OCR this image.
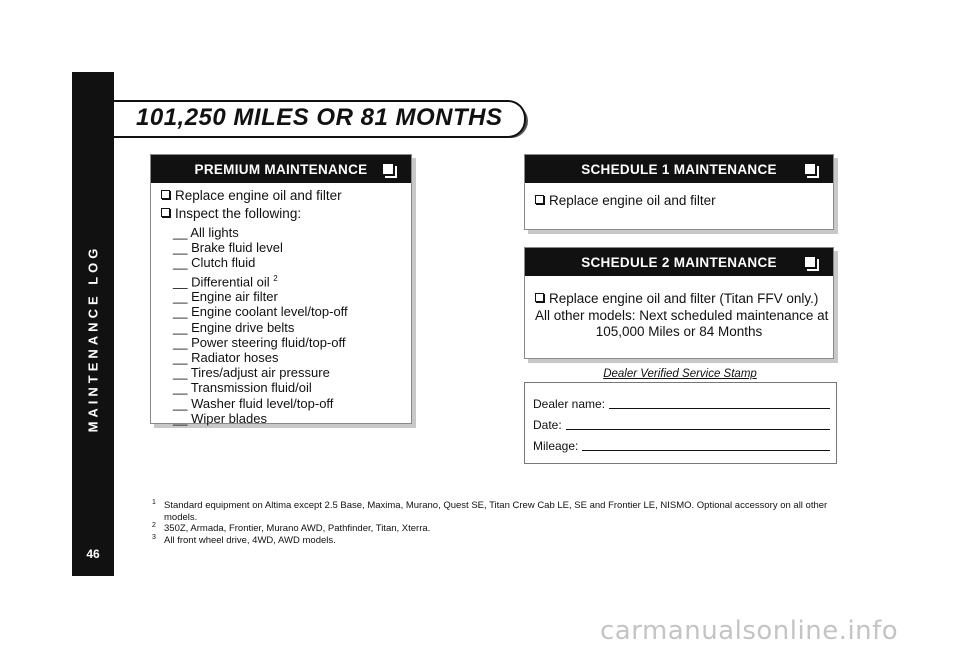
MAINTENANCE LOG
46
101,250 MILES OR 81 MONTHS
PREMIUM MAINTENANCE
Replace engine oil and filter
Inspect the following:
__ All lights
__ Brake fluid level
__ Clutch fluid
__ Differential oil $^2$
__ Engine air filter
__ Engine coolant level/top-off
__ Engine drive belts
__ Power steering fluid/top-off
__ Radiator hoses
__ Tires/adjust air pressure
__ Transmission fluid/oil
__ Washer fluid level/top-off
__ Wiper blades
SCHEDULE 1 MAINTENANCE
Replace engine oil and filter
SCHEDULE 2 MAINTENANCE
Replace engine oil and filter (Titan FFV only.)
All other models: Next scheduled maintenance at
105,000 Miles or 84 Months
Dealer Verified Service Stamp
Dealer name:
Date:
Mileage:
1 Standard equipment on Altima except 2.5 Base, Maxima, Murano, Quest SE, Titan Crew Cab LE, SE and Frontier LE, NISMO. Optional accessory on all other models.
2 350Z, Armada, Frontier, Murano AWD, Pathfinder, Titan, Xterra.
3 All front wheel drive, 4WD, AWD models.
carmanualsonline.info
